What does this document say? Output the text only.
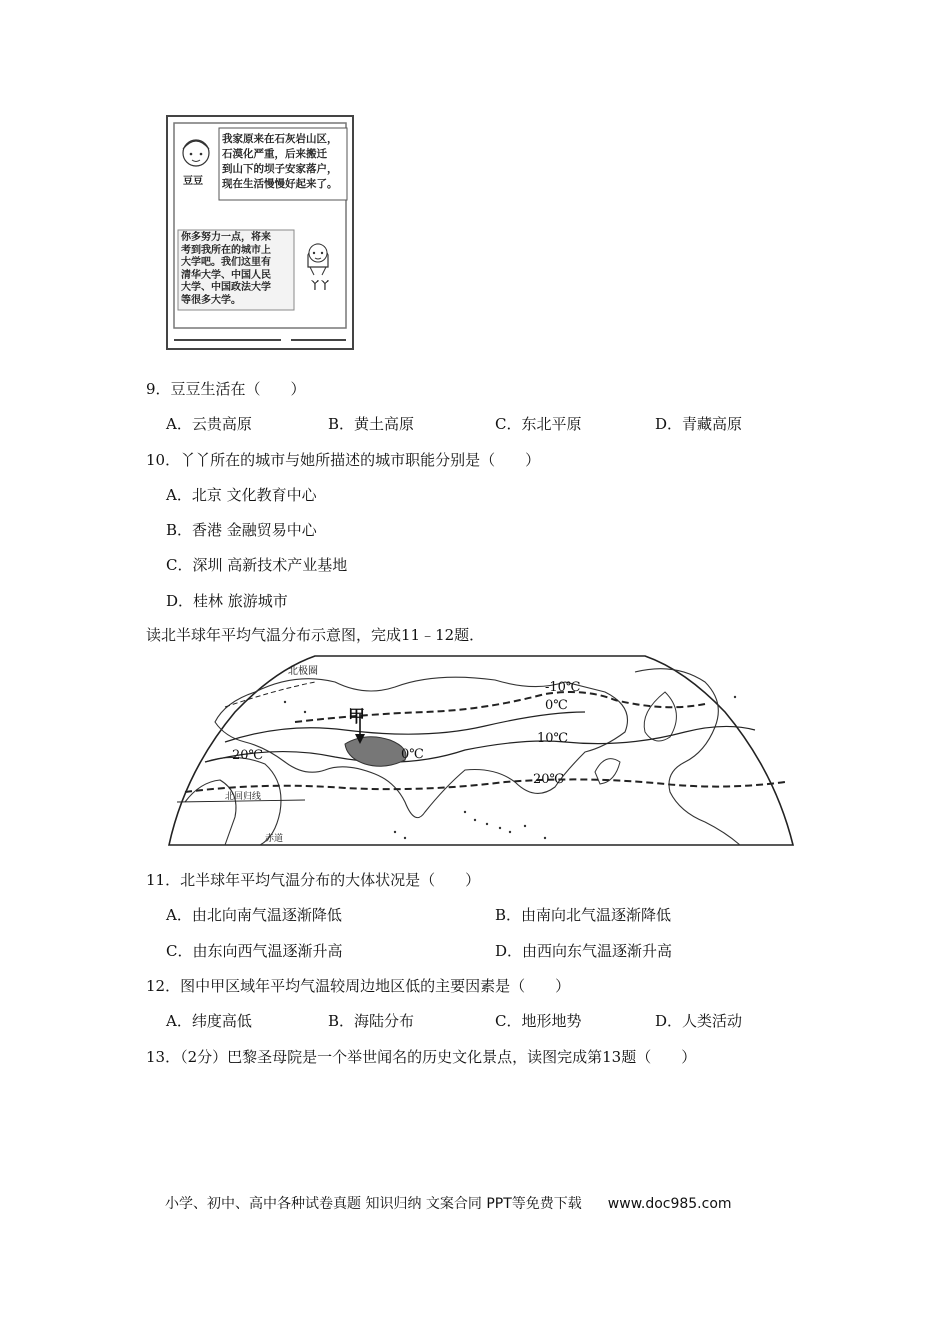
豆豆
我家原来在石灰岩山区，
石漠化严重，后来搬迁
到山下的坝子安家落户，
现在生活慢慢好起来了。
你多努力一点，将来
考到我所在的城市上
大学吧。我们这里有
清华大学、中国人民
大学、中国政法大学
等很多大学。
丫丫
9．豆豆生活在（　　）
A．云贵高原	B．黄土高原	C．东北平原	D．青藏高原
10．丫丫所在的城市与她所描述的城市职能分别是（　　）
A．北京 文化教育中心
B．香港 金融贸易中心
C．深圳 高新技术产业基地
D．桂林 旅游城市
读北半球年平均气温分布示意图，完成11﹣12题．
北极圈
甲
-10℃
0℃
0℃
10℃
20℃
20℃
北回归线
赤道
11．北半球年平均气温分布的大体状况是（　　）
A．由北向南气温逐渐降低	B．由南向北气温逐渐降低
C．由东向西气温逐渐升高	D．由西向东气温逐渐升高
12．图中甲区域年平均气温较周边地区低的主要因素是（　　）
A．纬度高低	B．海陆分布	C．地形地势	D．人类活动
13．（2分）巴黎圣母院是一个举世闻名的历史文化景点，读图完成第13题（　　）
小学、初中、高中各种试卷真题 知识归纳 文案合同 PPT等免费下载 www.doc985.com
